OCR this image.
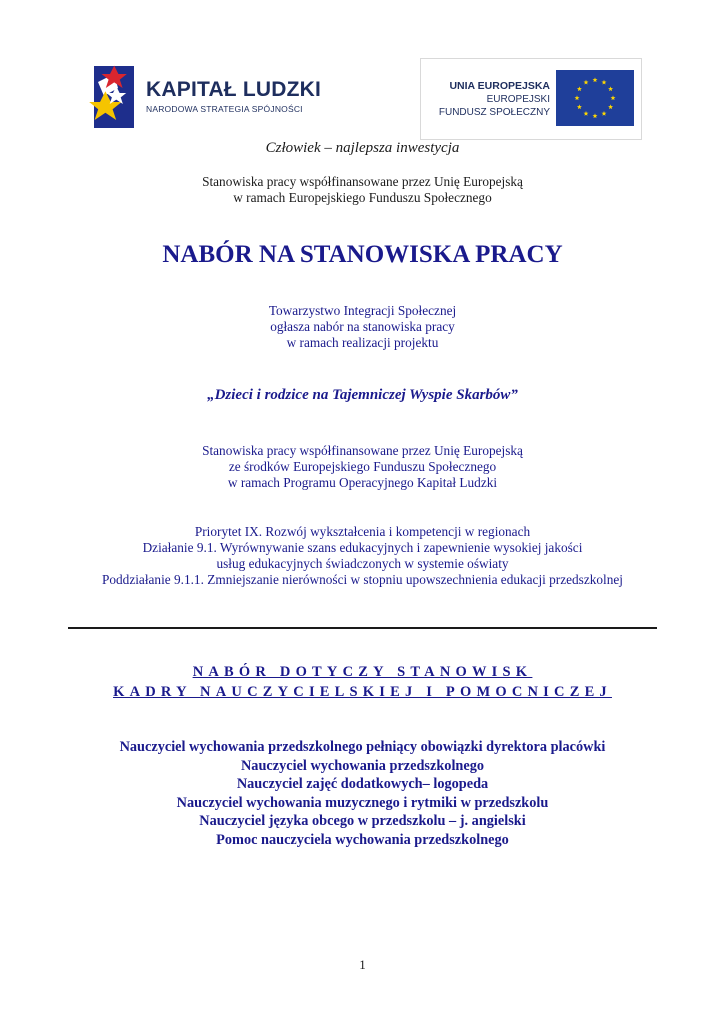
KAPITAŁ LUDZKI
NARODOWA STRATEGIA SPÓJNOŚCI
UNIA EUROPEJSKA
EUROPEJSKI
FUNDUSZ SPOŁECZNY
Człowiek – najlepsza inwestycja
Stanowiska pracy współfinansowane przez Unię Europejską
w ramach Europejskiego Funduszu Społecznego
NABÓR NA STANOWISKA PRACY
Towarzystwo Integracji Społecznej
ogłasza nabór na stanowiska pracy
w ramach realizacji projektu
„Dzieci i rodzice na Tajemniczej Wyspie Skarbów”
Stanowiska pracy współfinansowane przez Unię Europejską
ze środków Europejskiego Funduszu Społecznego
w ramach Programu Operacyjnego Kapitał Ludzki
Priorytet IX. Rozwój wykształcenia i kompetencji w regionach
Działanie 9.1. Wyrównywanie szans edukacyjnych i zapewnienie wysokiej jakości
usług edukacyjnych świadczonych w systemie oświaty
Poddziałanie 9.1.1. Zmniejszanie nierówności w stopniu upowszechnienia edukacji przedszkolnej
NABÓR DOTYCZY STANOWISK
KADRY NAUCZYCIELSKIEJ I POMOCNICZEJ
Nauczyciel wychowania przedszkolnego pełniący obowiązki dyrektora placówki
Nauczyciel wychowania przedszkolnego
Nauczyciel zajęć dodatkowych– logopeda
Nauczyciel wychowania muzycznego i rytmiki w przedszkolu
Nauczyciel języka obcego w przedszkolu – j. angielski
Pomoc nauczyciela wychowania przedszkolnego
1
